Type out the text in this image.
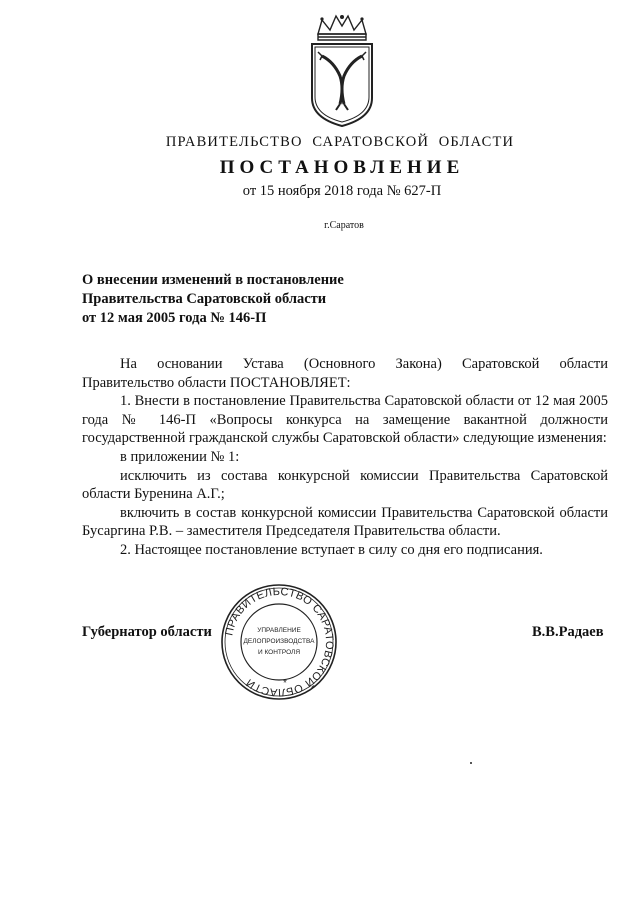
ПРАВИТЕЛЬСТВО  САРАТОВСКОЙ  ОБЛАСТИ
ПОСТАНОВЛЕНИЕ
от 15 ноября 2018 года № 627-П
г.Саратов
О внесении изменений в постановление
Правительства Саратовской области
от 12 мая 2005 года № 146-П

На основании Устава (Основного Закона) Саратовской области

Правительство области ПОСТАНОВЛЯЕТ:

1. Внести в постановление Правительства Саратовской области от 12 мая 2005 года № 146-П «Вопросы конкурса на замещение вакантной должности государственной гражданской службы Саратовской области» следующие изменения:

в приложении № 1:

исключить из состава конкурсной комиссии Правительства Саратовской области Буренина А.Г.;

включить в состав конкурсной комиссии Правительства Саратовской области Бусаргина Р.В. – заместителя Председателя Правительства области.

2. Настоящее постановление вступает в силу со дня его подписания.

Губернатор области	В.В.Радаев
ПРАВИТЕЛЬСТВО САРАТОВСКОЙ ОБЛАСТИ
УПРАВЛЕНИЕ
ДЕЛОПРОИЗВОДСТВА
И КОНТРОЛЯ
*
